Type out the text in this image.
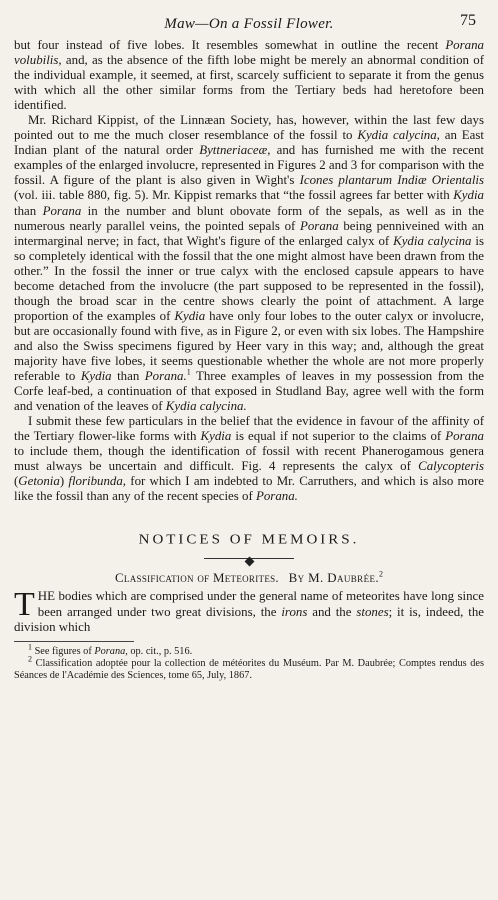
Maw—On a Fossil Flower.	75

but four instead of five lobes. It resembles somewhat in outline the recent Porana volubilis, and, as the absence of the fifth lobe might be merely an abnormal condition of the individual example, it seemed, at first, scarcely sufficient to separate it from the genus with which all the other similar forms from the Tertiary beds had heretofore been identified.

Mr. Richard Kippist, of the Linnæan Society, has, however, within the last few days pointed out to me the much closer resemblance of the fossil to Kydia calycina, an East Indian plant of the natural order Byttneriaceæ, and has furnished me with the recent examples of the enlarged involucre, represented in Figures 2 and 3 for comparison with the fossil. A figure of the plant is also given in Wight's Icones plantarum Indiæ Orientalis (vol. iii. table 880, fig. 5). Mr. Kippist remarks that “the fossil agrees far better with Kydia than Porana in the number and blunt obovate form of the sepals, as well as in the numerous nearly parallel veins, the pointed sepals of Porana being penniveined with an intermarginal nerve; in fact, that Wight's figure of the enlarged calyx of Kydia calycina is so completely identical with the fossil that the one might almost have been drawn from the other.” In the fossil the inner or true calyx with the enclosed capsule appears to have become detached from the involucre (the part supposed to be represented in the fossil), though the broad scar in the centre shows clearly the point of attachment. A large proportion of the examples of Kydia have only four lobes to the outer calyx or involucre, but are occasionally found with five, as in Figure 2, or even with six lobes. The Hampshire and also the Swiss specimens figured by Heer vary in this way; and, although the great majority have five lobes, it seems questionable whether the whole are not more properly referable to Kydia than Porana.$^1$ Three examples of leaves in my possession from the Corfe leaf-bed, a continuation of that exposed in Studland Bay, agree well with the form and venation of the leaves of Kydia calycina.

I submit these few particulars in the belief that the evidence in favour of the affinity of the Tertiary flower-like forms with Kydia is equal if not superior to the claims of Porana to include them, though the identification of fossil with recent Phanerogamous genera must always be uncertain and difficult. Fig. 4 represents the calyx of Calycopteris (Getonia) floribunda, for which I am indebted to Mr. Carruthers, and which is also more like the fossil than any of the recent species of Porana.

NOTICES OF MEMOIRS.
Classification of Meteorites. By M. Daubrée.$^2$
THE bodies which are comprised under the general name of meteorites have long since been arranged under two great divisions, the irons and the stones; it is, indeed, the division which

$^1$ See figures of Porana, op. cit., p. 516.

$^2$ Classification adoptée pour la collection de météorites du Muséum. Par M. Daubrée; Comptes rendus des Séances de l'Académie des Sciences, tome 65, July, 1867.
